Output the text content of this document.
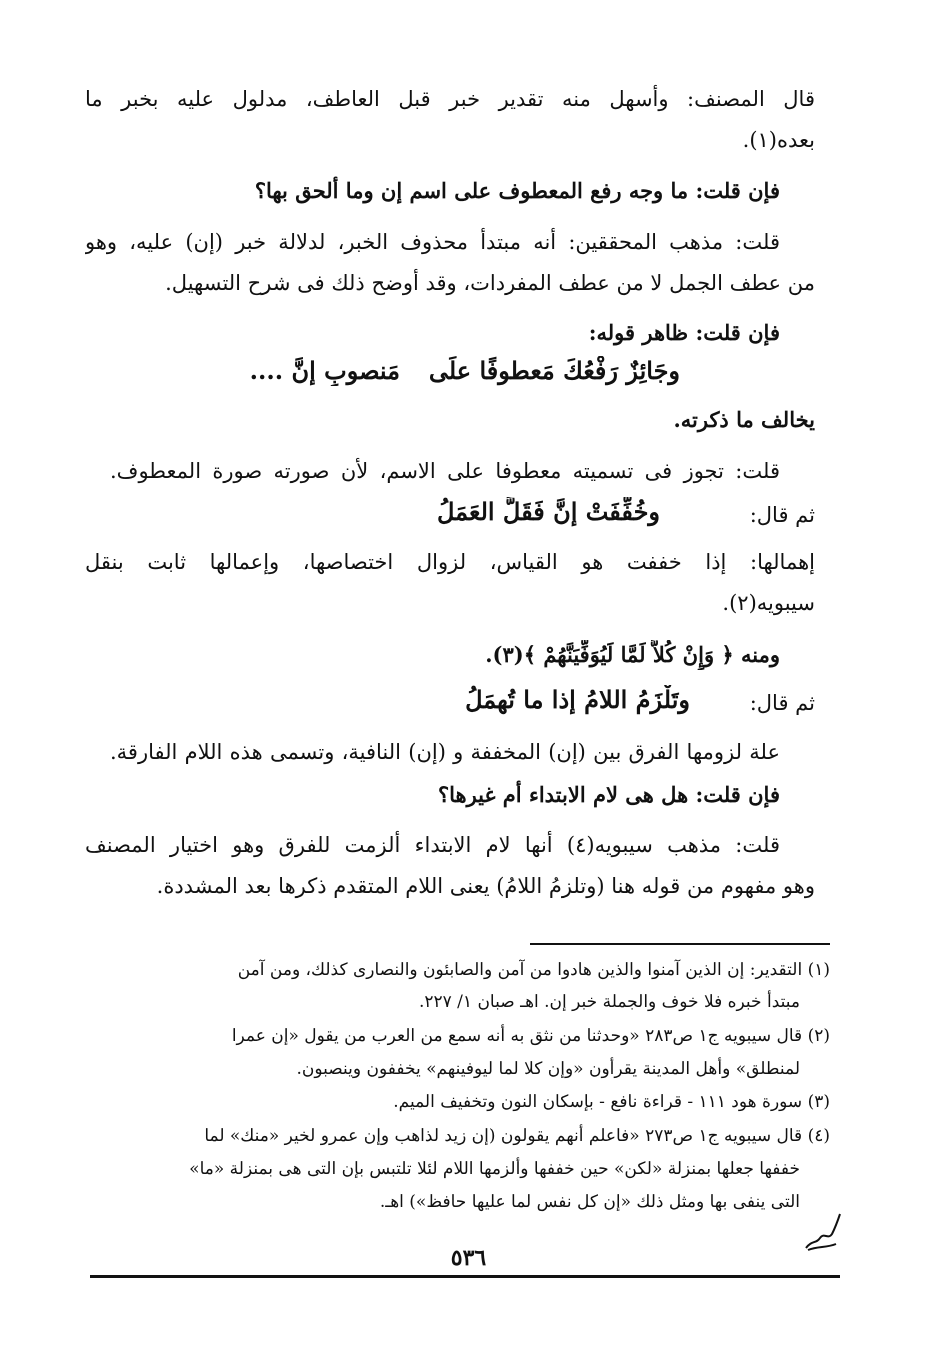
قال المصنف: وأسهل منه تقدير خبر قبل العاطف، مدلول عليه بخبر ما
بعده(١).
فإن قلت: ما وجه رفع المعطوف على اسم إن وما ألحق بها؟
قلت: مذهب المحققين: أنه مبتدأ محذوف الخبر، لدلالة خبر (إن) عليه، وهو
من عطف الجمل لا من عطف المفردات، وقد أوضح ذلك فى شرح التسهيل.
فإن قلت: ظاهر قوله:
وجَائِزٌ رَفْعُكَ مَعطوفًا علَى
مَنصوبِ إنَّ ....
يخالف ما ذكرته.
قلت: تجوز فى تسميته معطوفا على الاسم، لأن صورته صورة المعطوف.
ثم قال:
وخُفِّفَتْ إنَّ فَقَلَّ العَمَلُ
إهمالها: إذا خففت هو القياس، لزوال اختصاصها، وإعمالها ثابت بنقل
سيبويه(٢).
ومنه ﴿ وَإِنْ كُلاًّ لَمَّا لَيُوَفِّيَنَّهُمْ ﴾(٣).
ثم قال:
وتَلْزَمُ اللامُ إذا ما تُهمَلُ
علة لزومها الفرق بين (إن) المخففة و (إن) النافية، وتسمى هذه اللام الفارقة.
فإن قلت: هل هى لام الابتداء أم غيرها؟
قلت: مذهب سيبويه(٤) أنها لام الابتداء ألزمت للفرق وهو اختيار المصنف
وهو مفهوم من قوله هنا (وتلزمُ اللامُ) يعنى اللام المتقدم ذكرها بعد المشددة.
(١) التقدير: إن الذين آمنوا والذين هادوا من آمن والصابئون والنصارى كذلك، ومن آمن
مبتدأ خبره فلا خوف والجملة خبر إن. اهـ صبان ١/ ٢٢٧.
(٢) قال سيبويه ج١ ص٢٨٣ «وحدثنا من نثق به أنه سمع من العرب من يقول «إن عمرا
لمنطلق» وأهل المدينة يقرأون «وإن كلا لما ليوفينهم» يخففون وينصبون.
(٣) سورة هود ١١١ - قراءة نافع - بإسكان النون وتخفيف الميم.
(٤) قال سيبويه ج١ ص٢٧٣ «فاعلم أنهم يقولون (إن زيد لذاهب وإن عمرو لخير «منك» لما
خففها جعلها بمنزلة «لكن» حين خففها وألزمها اللام لئلا تلتبس بإن التى هى بمنزلة «ما»
التى ينفى بها ومثل ذلك «إن كل نفس لما عليها حافظ») اهـ.
٥٣٦
